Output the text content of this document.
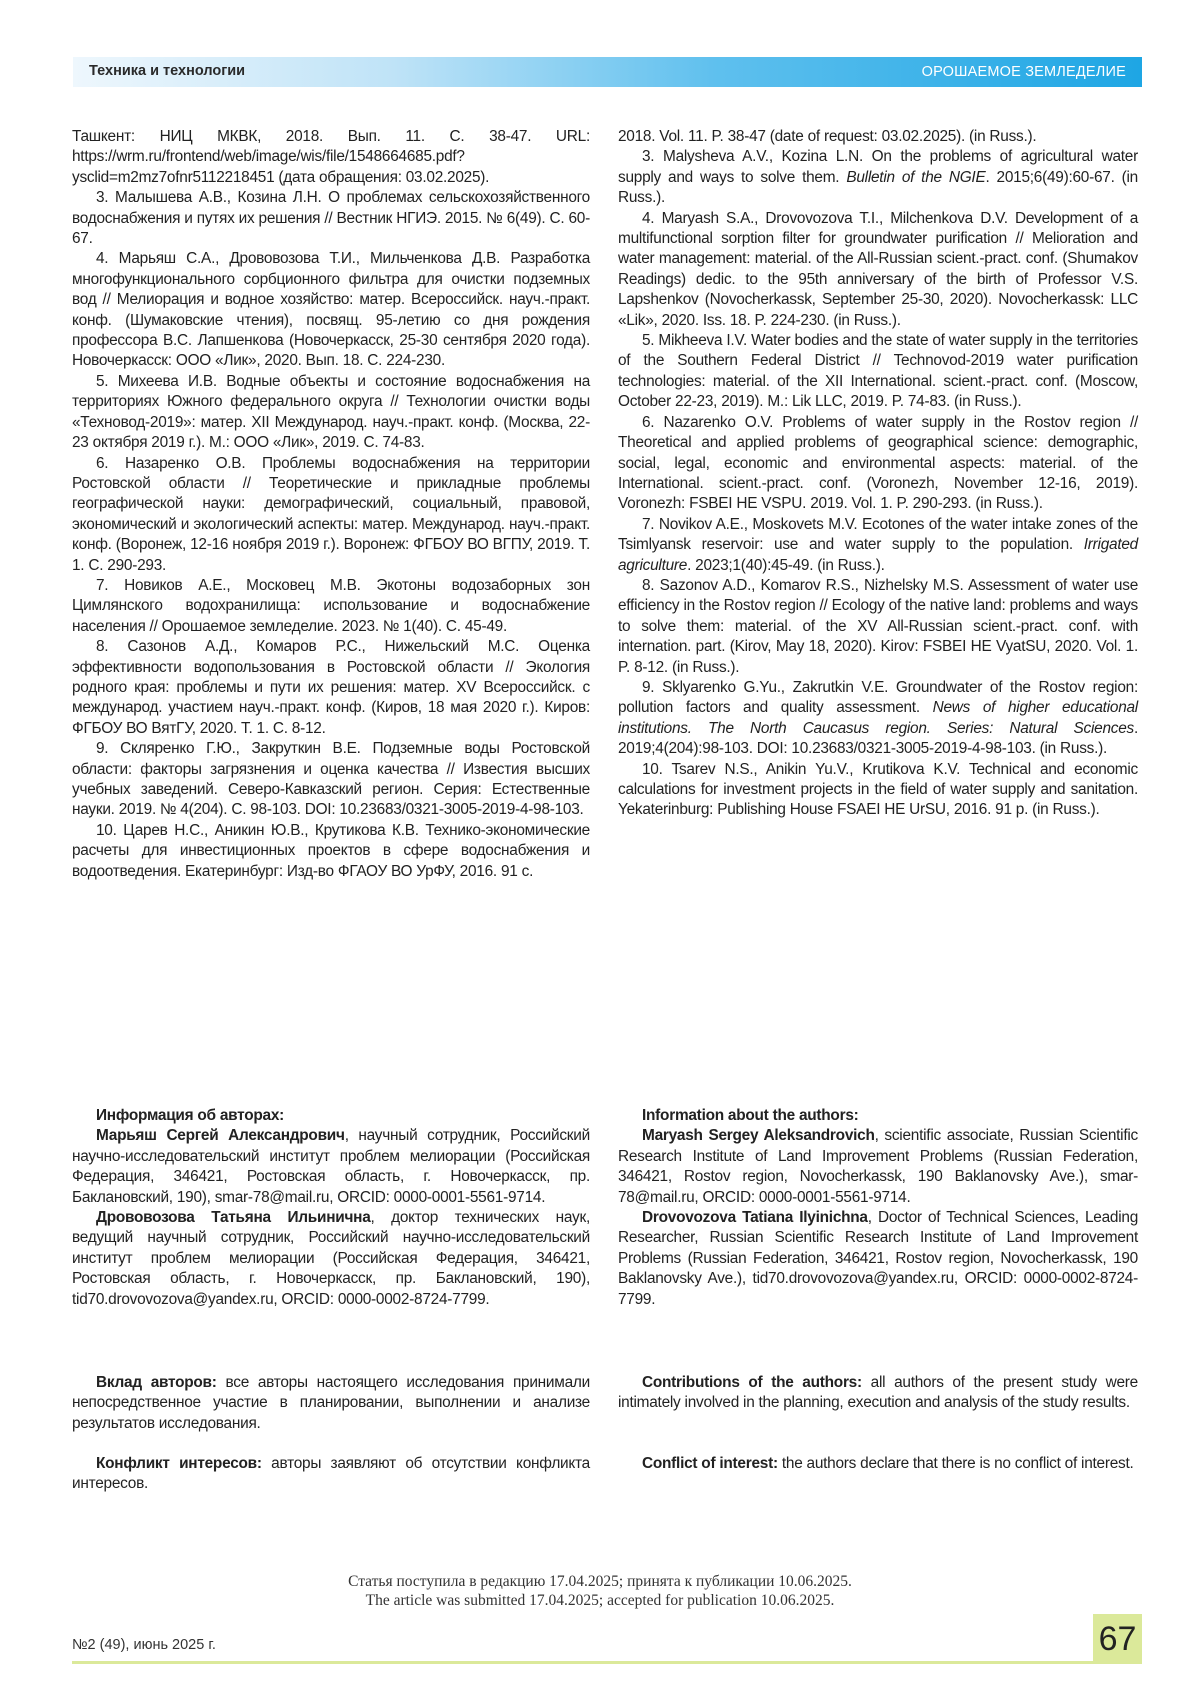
Техника и технологии	ОРОШАЕМОЕ ЗЕМЛЕДЕЛИЕ

Ташкент: НИЦ МКВК, 2018. Вып. 11. С. 38-47. URL: https://wrm.ru/frontend/web/image/wis/file/1548664685.pdf?ysclid=m2mz7ofnr5112218451 (дата обращения: 03.02.2025).

3. Малышева А.В., Козина Л.Н. О проблемах сельскохозяйственного водоснабжения и путях их решения // Вестник НГИЭ. 2015. № 6(49). С. 60-67.

4. Марьяш С.А., Дрововозова Т.И., Мильченкова Д.В. Разработка многофункционального сорбционного фильтра для очистки подземных вод // Мелиорация и водное хозяйство: матер. Всероссийск. науч.-практ. конф. (Шумаковские чтения), посвящ. 95-летию со дня рождения профессора В.С. Лапшенкова (Новочеркасск, 25-30 сентября 2020 года). Новочеркасск: ООО «Лик», 2020. Вып. 18. С. 224-230.

5. Михеева И.В. Водные объекты и состояние водоснабжения на территориях Южного федерального округа // Технологии очистки воды «Техновод-2019»: матер. XII Международ. науч.-практ. конф. (Москва, 22-23 октября 2019 г.). М.: ООО «Лик», 2019. С. 74-83.

6. Назаренко О.В. Проблемы водоснабжения на территории Ростовской области // Теоретические и прикладные проблемы географической науки: демографический, социальный, правовой, экономический и экологический аспекты: матер. Международ. науч.-практ. конф. (Воронеж, 12-16 ноября 2019 г.). Воронеж: ФГБОУ ВО ВГПУ, 2019. Т. 1. С. 290-293.

7. Новиков А.Е., Московец М.В. Экотоны водозаборных зон Цимлянского водохранилища: использование и водоснабжение населения // Орошаемое земледелие. 2023. № 1(40). С. 45-49.

8. Сазонов А.Д., Комаров Р.С., Нижельский М.С. Оценка эффективности водопользования в Ростовской области // Экология родного края: проблемы и пути их решения: матер. XV Всероссийск. с международ. участием науч.-практ. конф. (Киров, 18 мая 2020 г.). Киров: ФГБОУ ВО ВятГУ, 2020. Т. 1. С. 8-12.

9. Скляренко Г.Ю., Закруткин В.Е. Подземные воды Ростовской области: факторы загрязнения и оценка качества // Известия высших учебных заведений. Северо-Кавказский регион. Серия: Естественные науки. 2019. № 4(204). С. 98-103. DOI: 10.23683/0321-3005-2019-4-98-103.

10. Царев Н.С., Аникин Ю.В., Крутикова К.В. Технико-экономические расчеты для инвестиционных проектов в сфере водоснабжения и водоотведения. Екатеринбург: Изд-во ФГАОУ ВО УрФУ, 2016. 91 с.

2018. Vol. 11. P. 38-47 (date of request: 03.02.2025). (in Russ.).

3. Malysheva A.V., Kozina L.N. On the problems of agricultural water supply and ways to solve them. Bulletin of the NGIE. 2015;6(49):60-67. (in Russ.).

4. Maryash S.A., Drovovozova T.I., Milchenkova D.V. Development of a multifunctional sorption filter for groundwater purification // Melioration and water management: material. of the All-Russian scient.-pract. conf. (Shumakov Readings) dedic. to the 95th anniversary of the birth of Professor V.S. Lapshenkov (Novocherkassk, September 25-30, 2020). Novocherkassk: LLC «Lik», 2020. Iss. 18. P. 224-230. (in Russ.).

5. Mikheeva I.V. Water bodies and the state of water supply in the territories of the Southern Federal District // Technovod-2019 water purification technologies: material. of the XII International. scient.-pract. conf. (Moscow, October 22-23, 2019). M.: Lik LLC, 2019. P. 74-83. (in Russ.).

6. Nazarenko O.V. Problems of water supply in the Rostov region // Theoretical and applied problems of geographical science: demographic, social, legal, economic and environmental aspects: material. of the International. scient.-pract. conf. (Voronezh, November 12-16, 2019). Voronezh: FSBEI HE VSPU. 2019. Vol. 1. P. 290-293. (in Russ.).

7. Novikov A.E., Moskovets M.V. Ecotones of the water intake zones of the Tsimlyansk reservoir: use and water supply to the population. Irrigated agriculture. 2023;1(40):45-49. (in Russ.).

8. Sazonov A.D., Komarov R.S., Nizhelsky M.S. Assessment of water use efficiency in the Rostov region // Ecology of the native land: problems and ways to solve them: material. of the XV All-Russian scient.-pract. conf. with internation. part. (Kirov, May 18, 2020). Kirov: FSBEI HE VyatSU, 2020. Vol. 1. P. 8-12. (in Russ.).

9. Sklyarenko G.Yu., Zakrutkin V.E. Groundwater of the Rostov region: pollution factors and quality assessment. News of higher educational institutions. The North Caucasus region. Series: Natural Sciences. 2019;4(204):98-103. DOI: 10.23683/0321-3005-2019-4-98-103. (in Russ.).

10. Tsarev N.S., Anikin Yu.V., Krutikova K.V. Technical and economic calculations for investment projects in the field of water supply and sanitation. Yekaterinburg: Publishing House FSAEI HE UrSU, 2016. 91 p. (in Russ.).

Информация об авторах:

Марьяш Сергей Александрович, научный сотрудник, Российский научно-исследовательский институт проблем мелиорации (Российская Федерация, 346421, Ростовская область, г. Новочеркасск, пр. Баклановский, 190), smar-78@mail.ru, ORCID: 0000-0001-5561-9714.

Дрововозова Татьяна Ильинична, доктор технических наук, ведущий научный сотрудник, Российский научно-исследовательский институт проблем мелиорации (Российская Федерация, 346421, Ростовская область, г. Новочеркасск, пр. Баклановский, 190), tid70.drovovozova@yandex.ru, ORCID: 0000-0002-8724-7799.

Information about the authors:

Maryash Sergey Aleksandrovich, scientific associate, Russian Scientific Research Institute of Land Improvement Problems (Russian Federation, 346421, Rostov region, Novocherkassk, 190 Baklanovsky Ave.), smar-78@mail.ru, ORCID: 0000-0001-5561-9714.

Drovovozova Tatiana Ilyinichna, Doctor of Technical Sciences, Leading Researcher, Russian Scientific Research Institute of Land Improvement Problems (Russian Federation, 346421, Rostov region, Novocherkassk, 190 Baklanovsky Ave.), tid70.drovovozova@yandex.ru, ORCID: 0000-0002-8724-7799.

Вклад авторов: все авторы настоящего исследования принимали непосредственное участие в планировании, выполнении и анализе результатов исследования.

Contributions of the authors: all authors of the present study were intimately involved in the planning, execution and analysis of the study results.

Конфликт интересов: авторы заявляют об отсутствии конфликта интересов.

Conflict of interest: the authors declare that there is no conflict of interest.

Статья поступила в редакцию 17.04.2025; принята к публикации 10.06.2025.
The article was submitted 17.04.2025; accepted for publication 10.06.2025.
№2 (49), июнь 2025 г.	67
